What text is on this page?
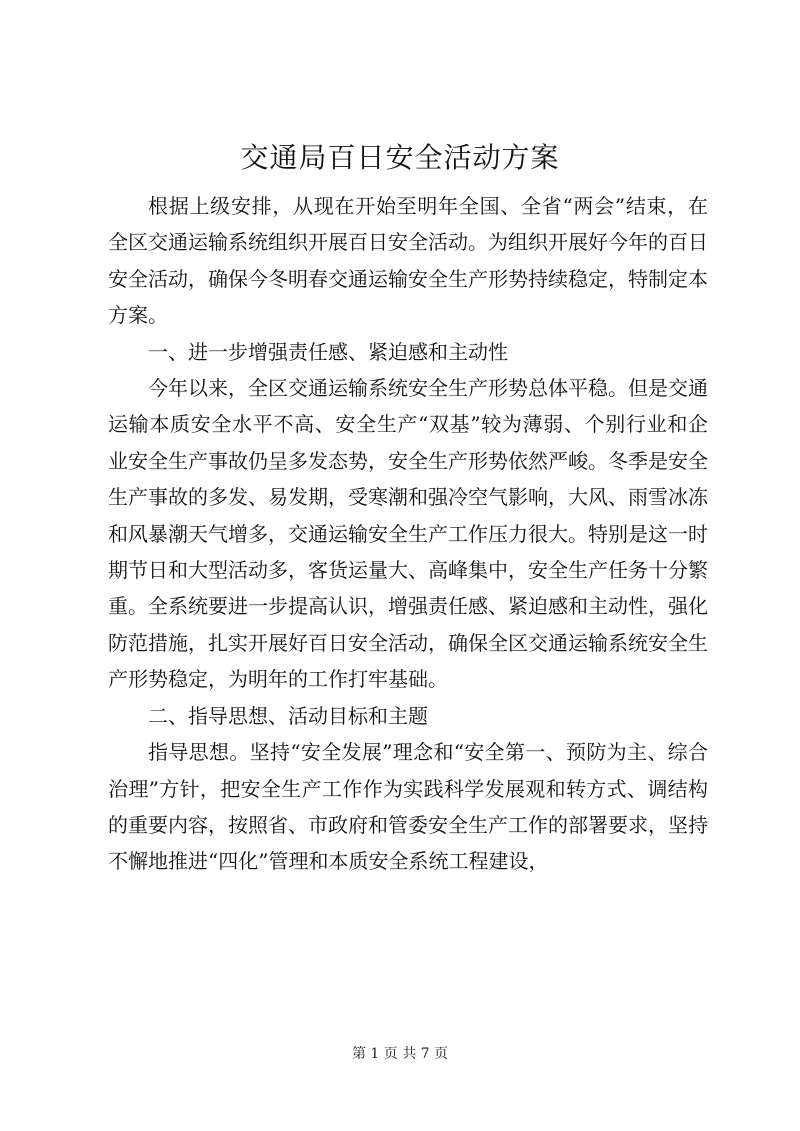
交通局百日安全活动方案

根据上级安排，从现在开始至明年全国、全省“两会”结束，在全区交通运输系统组织开展百日安全活动。为组织开展好今年的百日安全活动，确保今冬明春交通运输安全生产形势持续稳定，特制定本方案。

一、进一步增强责任感、紧迫感和主动性

今年以来，全区交通运输系统安全生产形势总体平稳。但是交通运输本质安全水平不高、安全生产“双基”较为薄弱、个别行业和企业安全生产事故仍呈多发态势，安全生产形势依然严峻。冬季是安全生产事故的多发、易发期，受寒潮和强冷空气影响，大风、雨雪冰冻和风暴潮天气增多，交通运输安全生产工作压力很大。特别是这一时期节日和大型活动多，客货运量大、高峰集中，安全生产任务十分繁重。全系统要进一步提高认识，增强责任感、紧迫感和主动性，强化防范措施，扎实开展好百日安全活动，确保全区交通运输系统安全生产形势稳定，为明年的工作打牢基础。

二、指导思想、活动目标和主题

指导思想。坚持“安全发展”理念和“安全第一、预防为主、综合治理”方针，把安全生产工作作为实践科学发展观和转方式、调结构的重要内容，按照省、市政府和管委安全生产工作的部署要求，坚持不懈地推进“四化”管理和本质安全系统工程建设，

第 1 页 共 7 页
